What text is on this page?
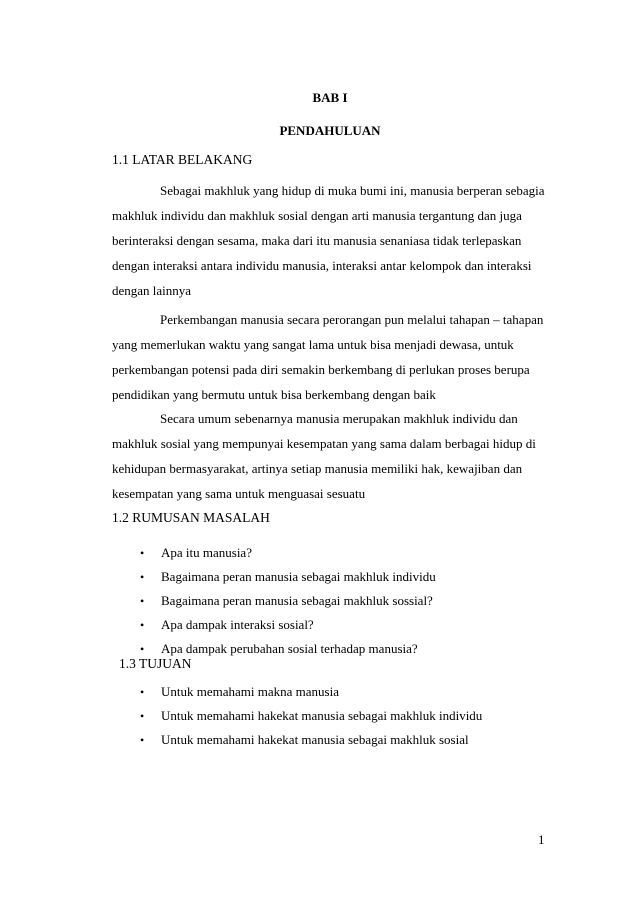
BAB I
PENDAHULUAN
1.1 LATAR BELAKANG
Sebagai makhluk yang hidup di muka bumi ini, manusia berperan sebagia
makhluk individu dan makhluk sosial dengan arti manusia tergantung dan juga
berinteraksi dengan sesama, maka dari itu manusia senaniasa tidak terlepaskan
dengan interaksi antara individu manusia, interaksi antar kelompok dan interaksi
dengan lainnya
Perkembangan manusia secara perorangan pun melalui tahapan – tahapan
yang memerlukan waktu yang sangat lama untuk bisa menjadi dewasa, untuk
perkembangan potensi pada diri semakin berkembang di perlukan proses berupa
pendidikan yang bermutu untuk bisa berkembang dengan baik
Secara umum sebenarnya manusia merupakan makhluk individu dan
makhluk sosial yang mempunyai kesempatan yang sama dalam berbagai hidup di
kehidupan bermasyarakat, artinya setiap manusia memiliki hak, kewajiban dan
kesempatan yang sama untuk menguasai sesuatu
1.2 RUMUSAN MASALAH
• Apa itu manusia?
• Bagaimana peran manusia sebagai makhluk individu
• Bagaimana peran manusia sebagai makhluk sossial?
• Apa dampak interaksi sosial?
• Apa dampak perubahan sosial terhadap manusia?
1.3 TUJUAN
• Untuk memahami makna manusia
• Untuk memahami hakekat manusia sebagai makhluk individu
• Untuk memahami hakekat manusia sebagai makhluk sosial
1
